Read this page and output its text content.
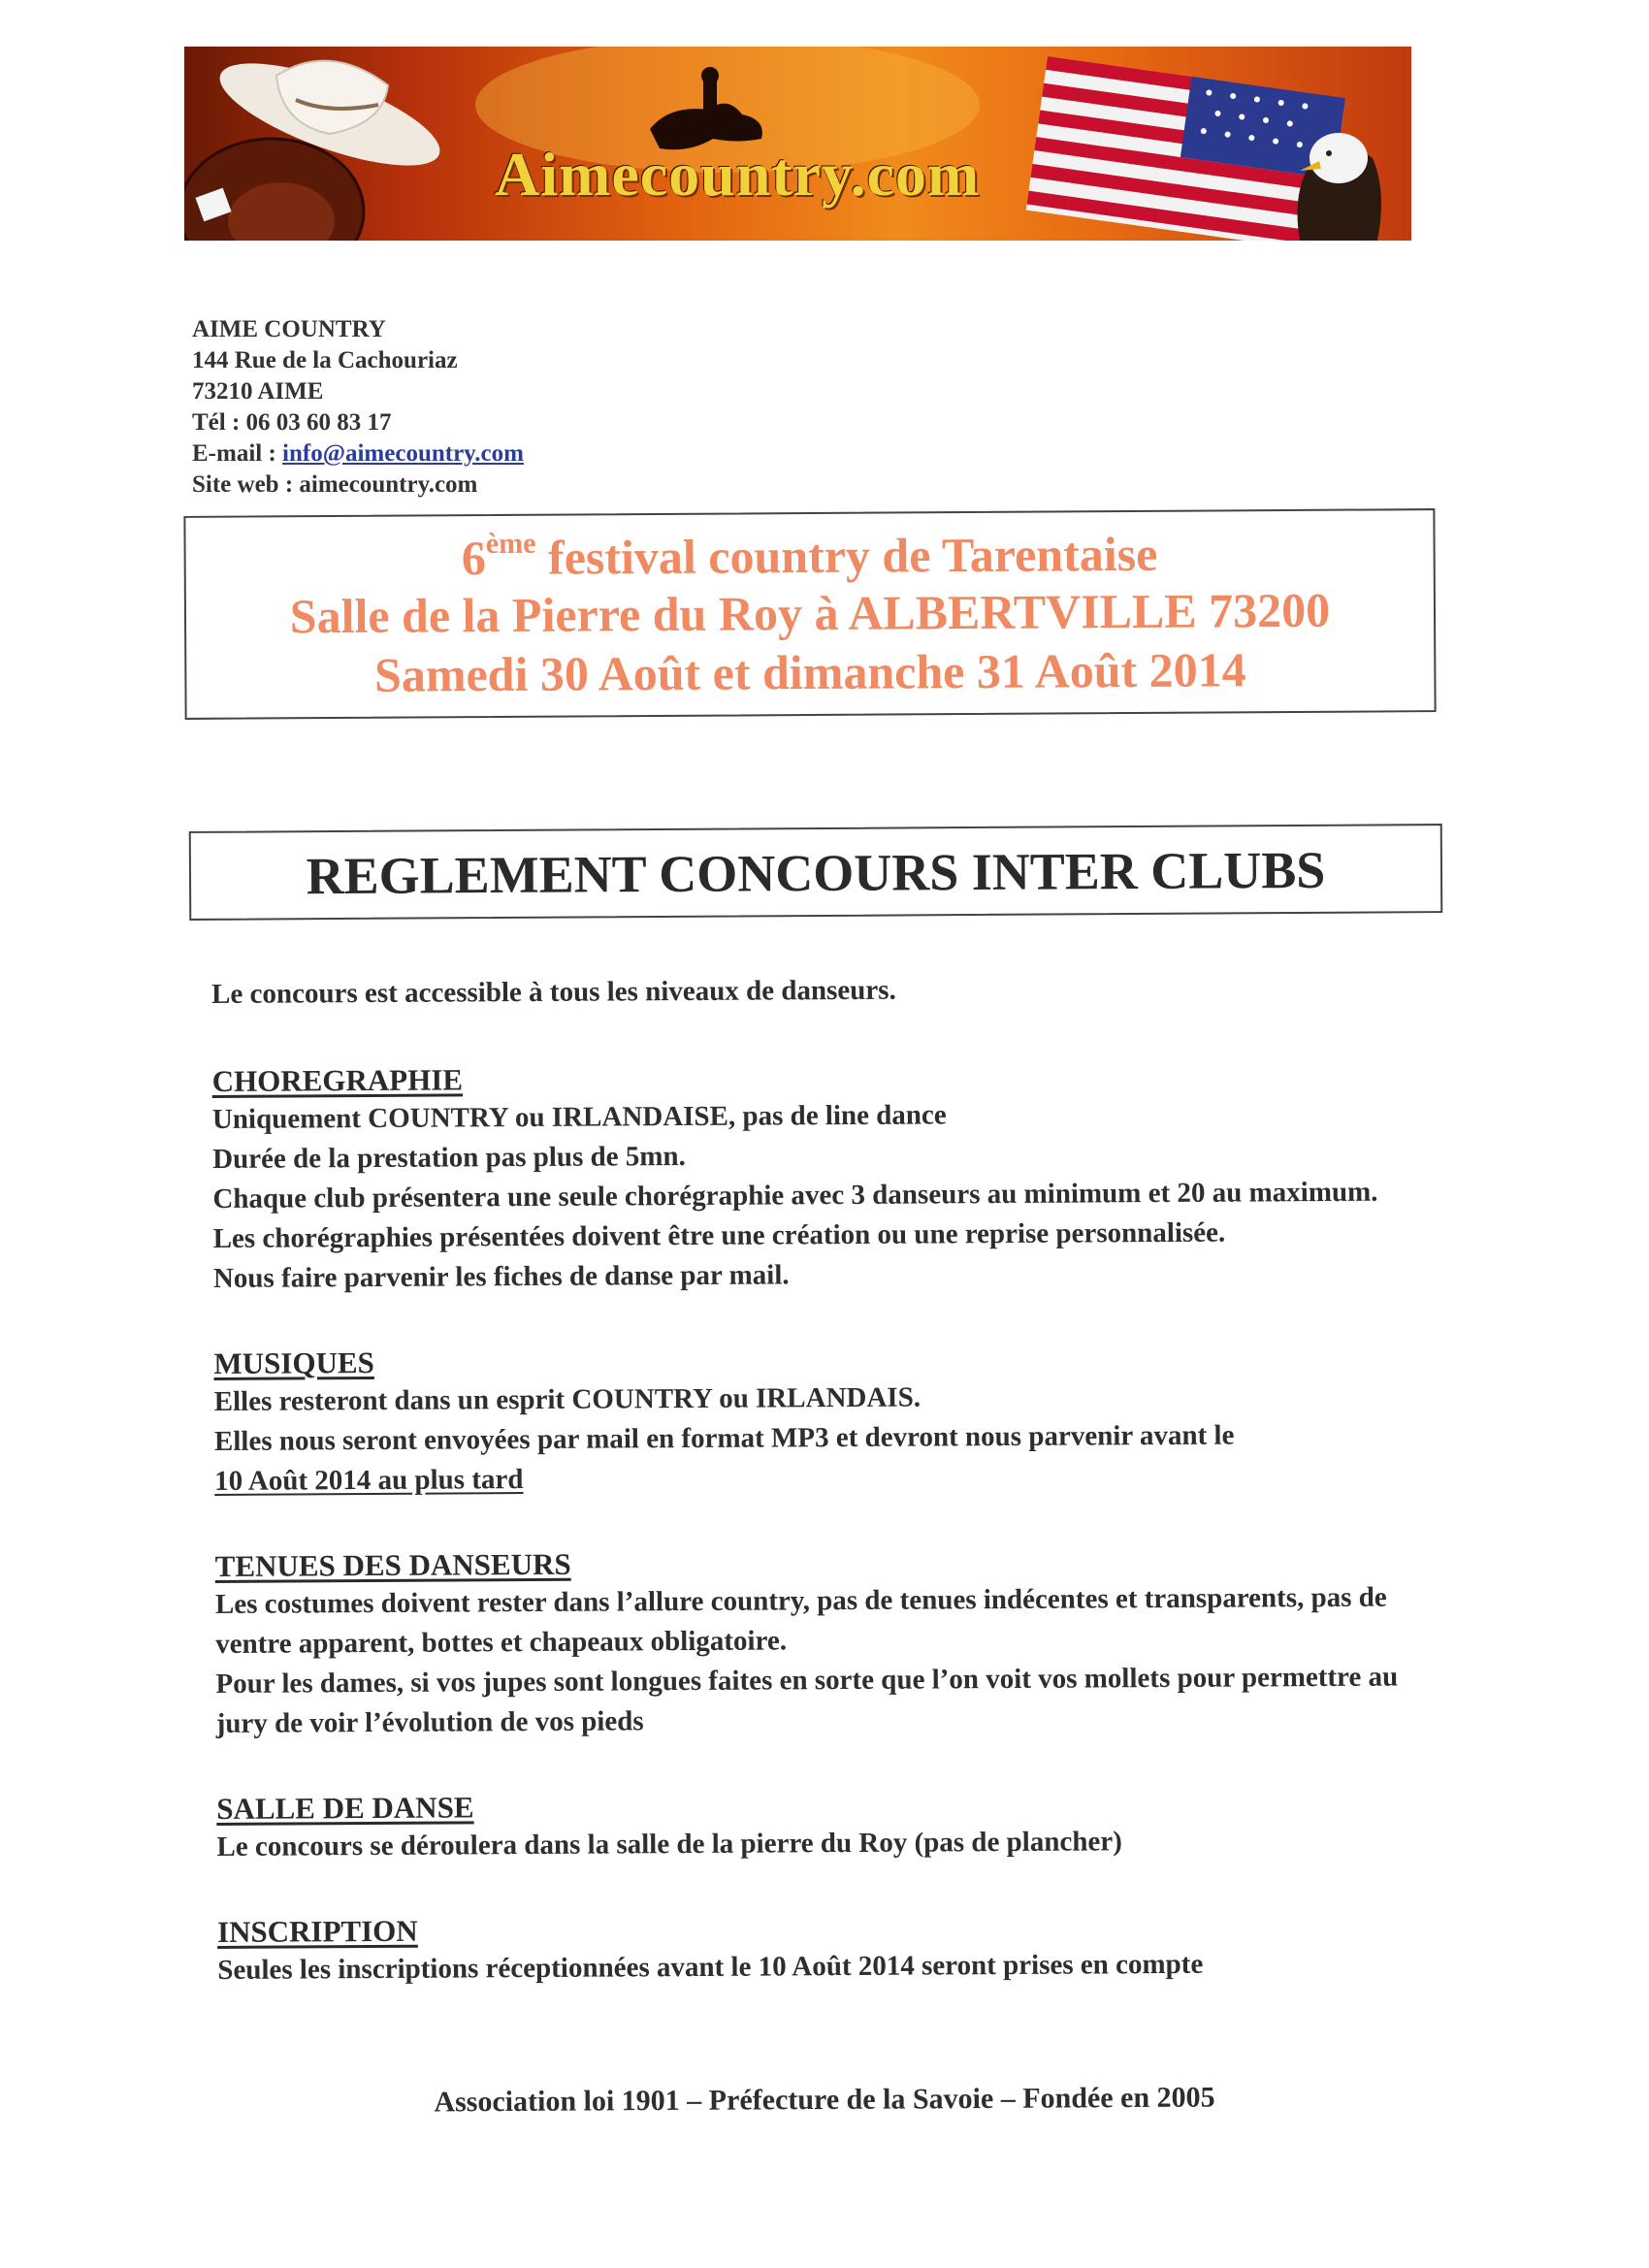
Aimecountry.com
AIME COUNTRY
144 Rue de la Cachouriaz
73210 AIME
Tél : 06 03 60 83 17
E-mail : info@aimecountry.com
Site web : aimecountry.com
6ème festival country de Tarentaise
Salle de la Pierre du Roy à ALBERTVILLE 73200
Samedi 30 Août et dimanche 31 Août 2014
REGLEMENT CONCOURS INTER CLUBS

Le concours est accessible à tous les niveaux de danseurs.

CHOREGRAPHIE

Uniquement COUNTRY ou IRLANDAISE, pas de line dance

Durée de la prestation pas plus de 5mn.

Chaque club présentera une seule chorégraphie avec 3 danseurs au minimum et 20 au maximum.

Les chorégraphies présentées doivent être une création ou une reprise personnalisée.

Nous faire parvenir les fiches de danse par mail.

MUSIQUES

Elles resteront dans un esprit COUNTRY ou IRLANDAIS.

Elles nous seront envoyées par mail en format MP3 et devront nous parvenir avant le

10 Août 2014 au plus tard

TENUES DES DANSEURS

Les costumes doivent rester dans l’allure country, pas de tenues indécentes et transparents, pas de ventre apparent, bottes et chapeaux obligatoire.

Pour les dames, si vos jupes sont longues faites en sorte que l’on voit vos mollets pour permettre au jury de voir l’évolution de vos pieds

SALLE DE DANSE

Le concours se déroulera dans la salle de la pierre du Roy (pas de plancher)

INSCRIPTION

Seules les inscriptions réceptionnées avant le 10 Août 2014 seront prises en compte

Association loi 1901 – Préfecture de la Savoie – Fondée en 2005
